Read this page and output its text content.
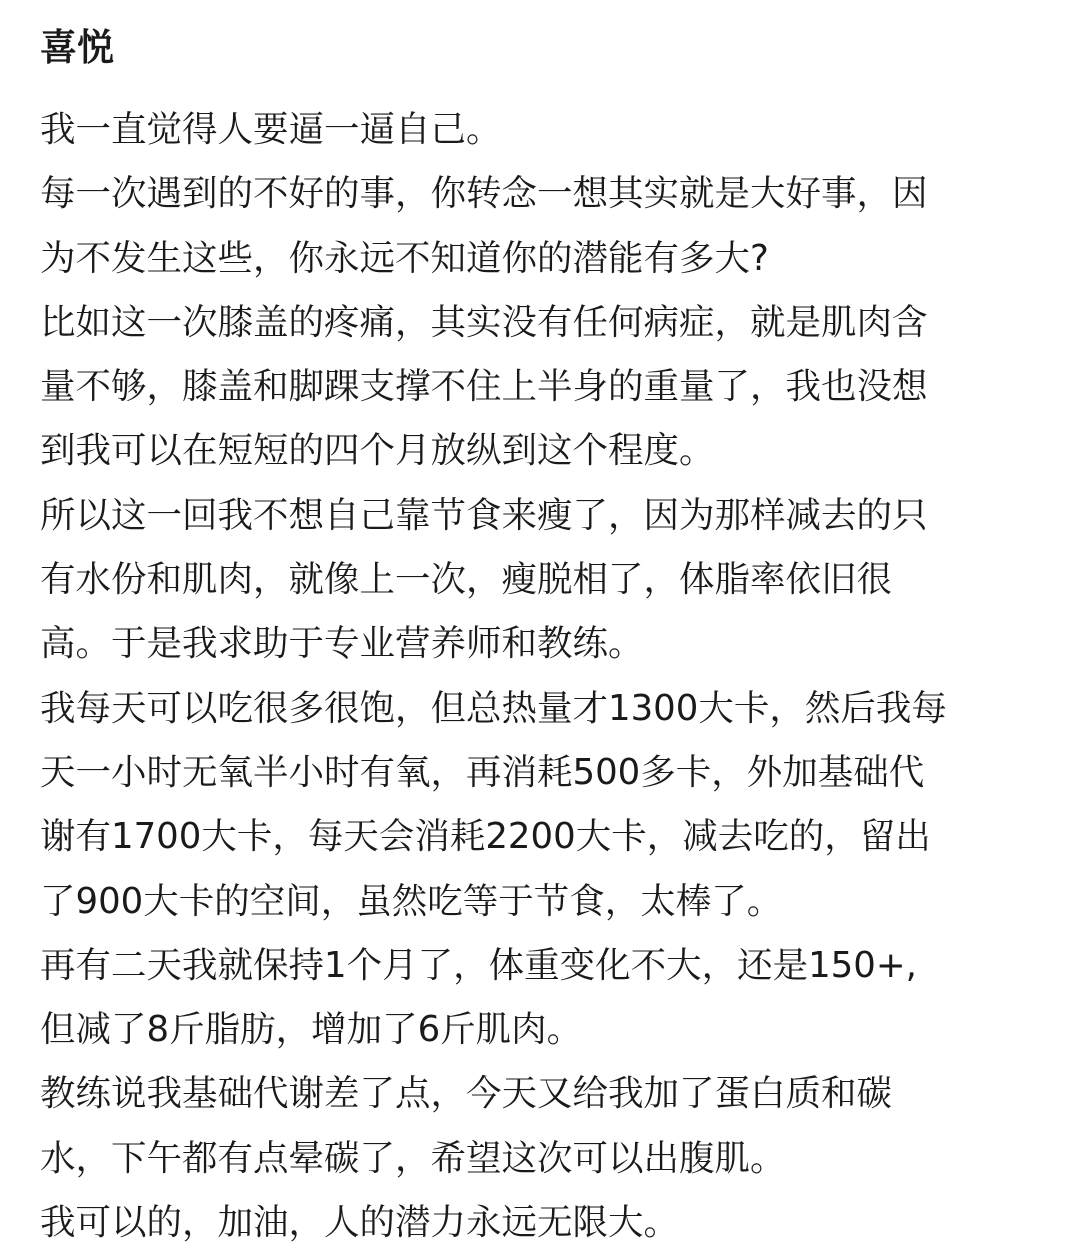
喜悦
我一直觉得人要逼一逼自己。
每一次遇到的不好的事，你转念一想其实就是大好事，因
为不发生这些，你永远不知道你的潜能有多大?
比如这一次膝盖的疼痛，其实没有任何病症，就是肌肉含
量不够，膝盖和脚踝支撑不住上半身的重量了，我也没想
到我可以在短短的四个月放纵到这个程度。
所以这一回我不想自己靠节食来瘦了，因为那样减去的只
有水份和肌肉，就像上一次，瘦脱相了，体脂率依旧很
高。于是我求助于专业营养师和教练。
我每天可以吃很多很饱，但总热量才1300大卡，然后我每
天一小时无氧半小时有氧，再消耗500多卡，外加基础代
谢有1700大卡，每天会消耗2200大卡，减去吃的，留出
了900大卡的空间，虽然吃等于节食，太棒了。
再有二天我就保持1个月了，体重变化不大，还是150+,
但减了8斤脂肪，增加了6斤肌肉。
教练说我基础代谢差了点，今天又给我加了蛋白质和碳
水，下午都有点晕碳了，希望这次可以出腹肌。
我可以的，加油，人的潜力永远无限大。
